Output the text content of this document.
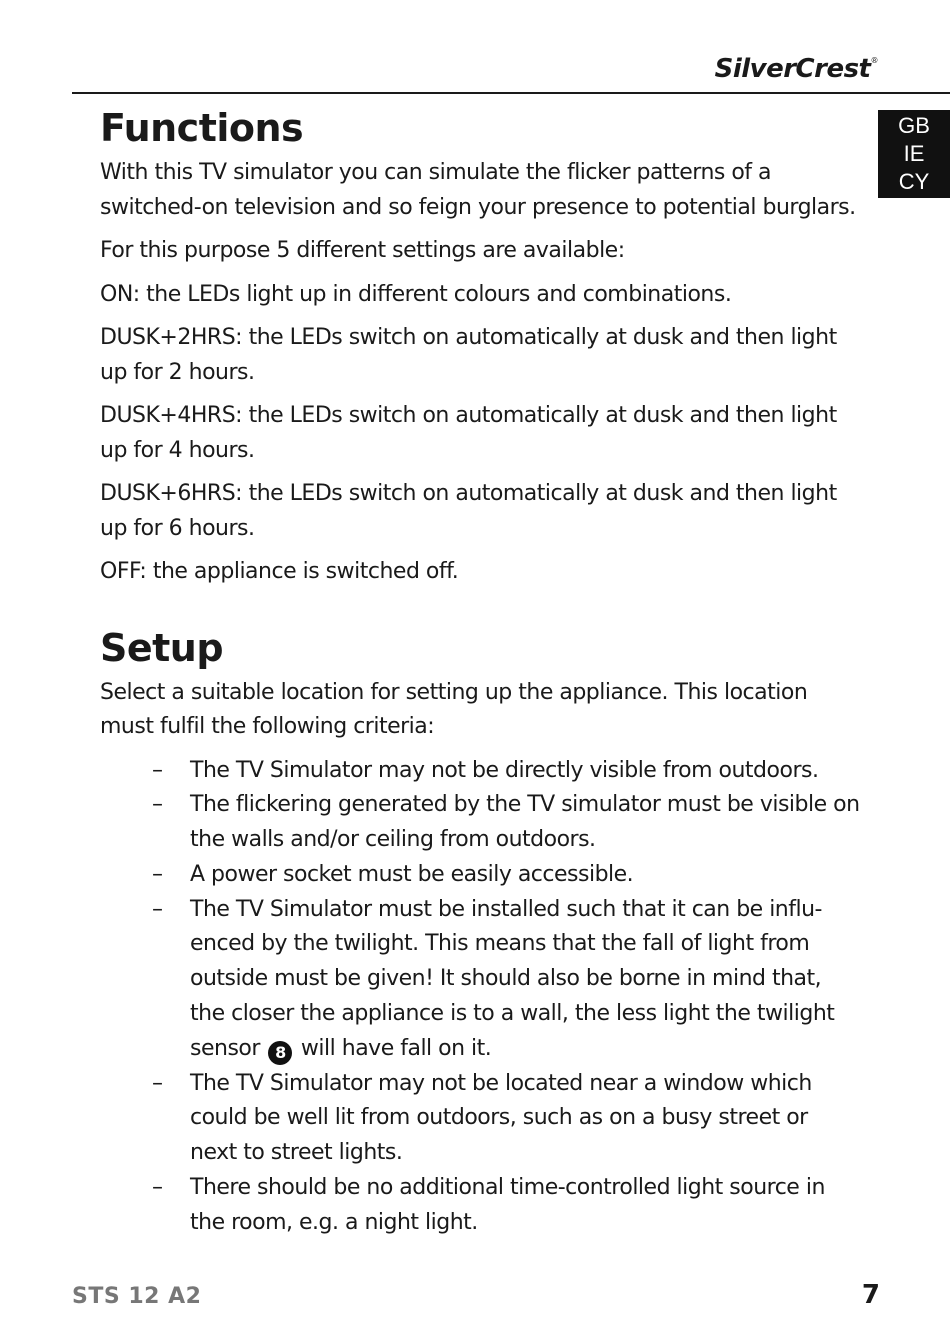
SilverCrest®
GB
IE
CY
Functions

With this TV simulator you can simulate the flicker patterns of a switched-on television and so feign your presence to potential burglars.

For this purpose 5 different settings are available:

ON: the LEDs light up in different colours and combinations.

DUSK+2HRS: the LEDs switch on automatically at dusk and then light up for 2 hours.

DUSK+4HRS: the LEDs switch on automatically at dusk and then light up for 4 hours.

DUSK+6HRS: the LEDs switch on automatically at dusk and then light up for 6 hours.

OFF: the appliance is switched off.

Setup

Select a suitable location for setting up the appliance. This location must fulfil the following criteria:

– The TV Simulator may not be directly visible from outdoors.
– The flickering generated by the TV simulator must be visible on the walls and/or ceiling from outdoors.
– A power socket must be easily accessible.
– The TV Simulator must be installed such that it can be influ-enced by the twilight. This means that the fall of light from outside must be given! It should also be borne in mind that, the closer the appliance is to a wall, the less light the twilight sensor 8 will have fall on it.
– The TV Simulator may not be located near a window which could be well lit from outdoors, such as on a busy street or next to street lights.
– There should be no additional time-controlled light source in the room, e.g. a night light.
STS 12 A2	7
